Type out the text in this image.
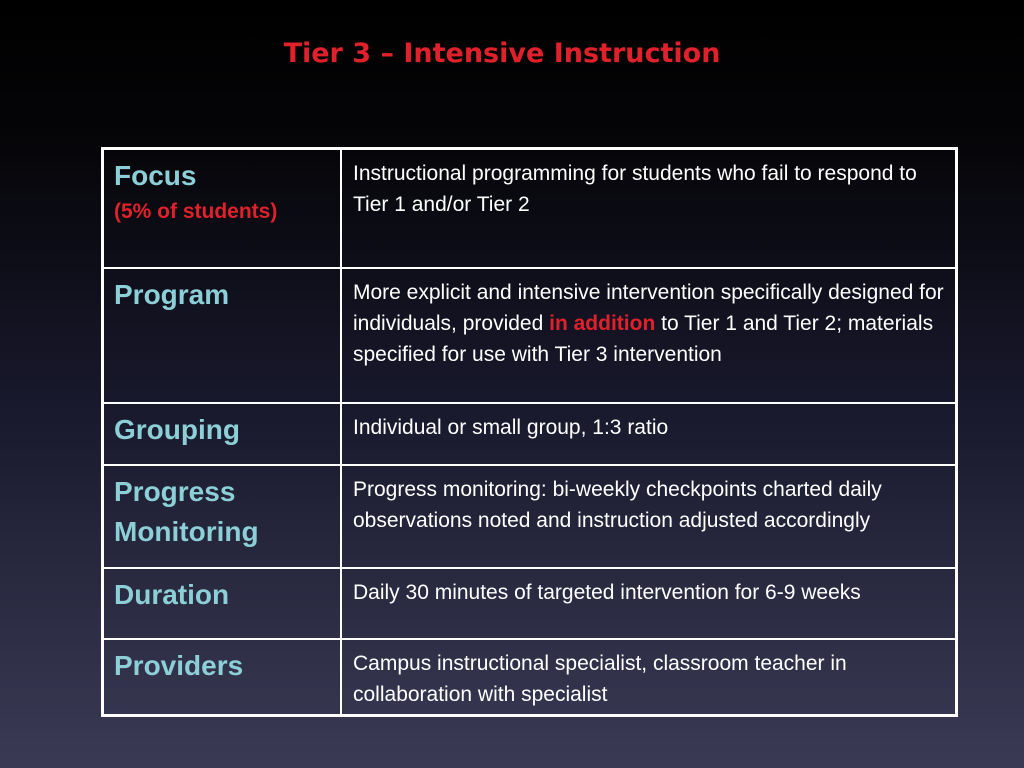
Tier 3 – Intensive Instruction
Focus
(5% of students)	Instructional programming for students who fail to respond to Tier 1 and/or Tier 2
Program	More explicit and intensive intervention specifically designed for individuals, provided in addition to Tier 1 and Tier 2; materials specified for use with Tier 3 intervention
Grouping	Individual or small group, 1:3 ratio
Progress Monitoring	Progress monitoring: bi-weekly checkpoints charted daily observations noted and instruction adjusted accordingly
Duration	Daily 30 minutes of targeted intervention for 6-9 weeks
Providers	Campus instructional specialist, classroom teacher in collaboration with specialist
